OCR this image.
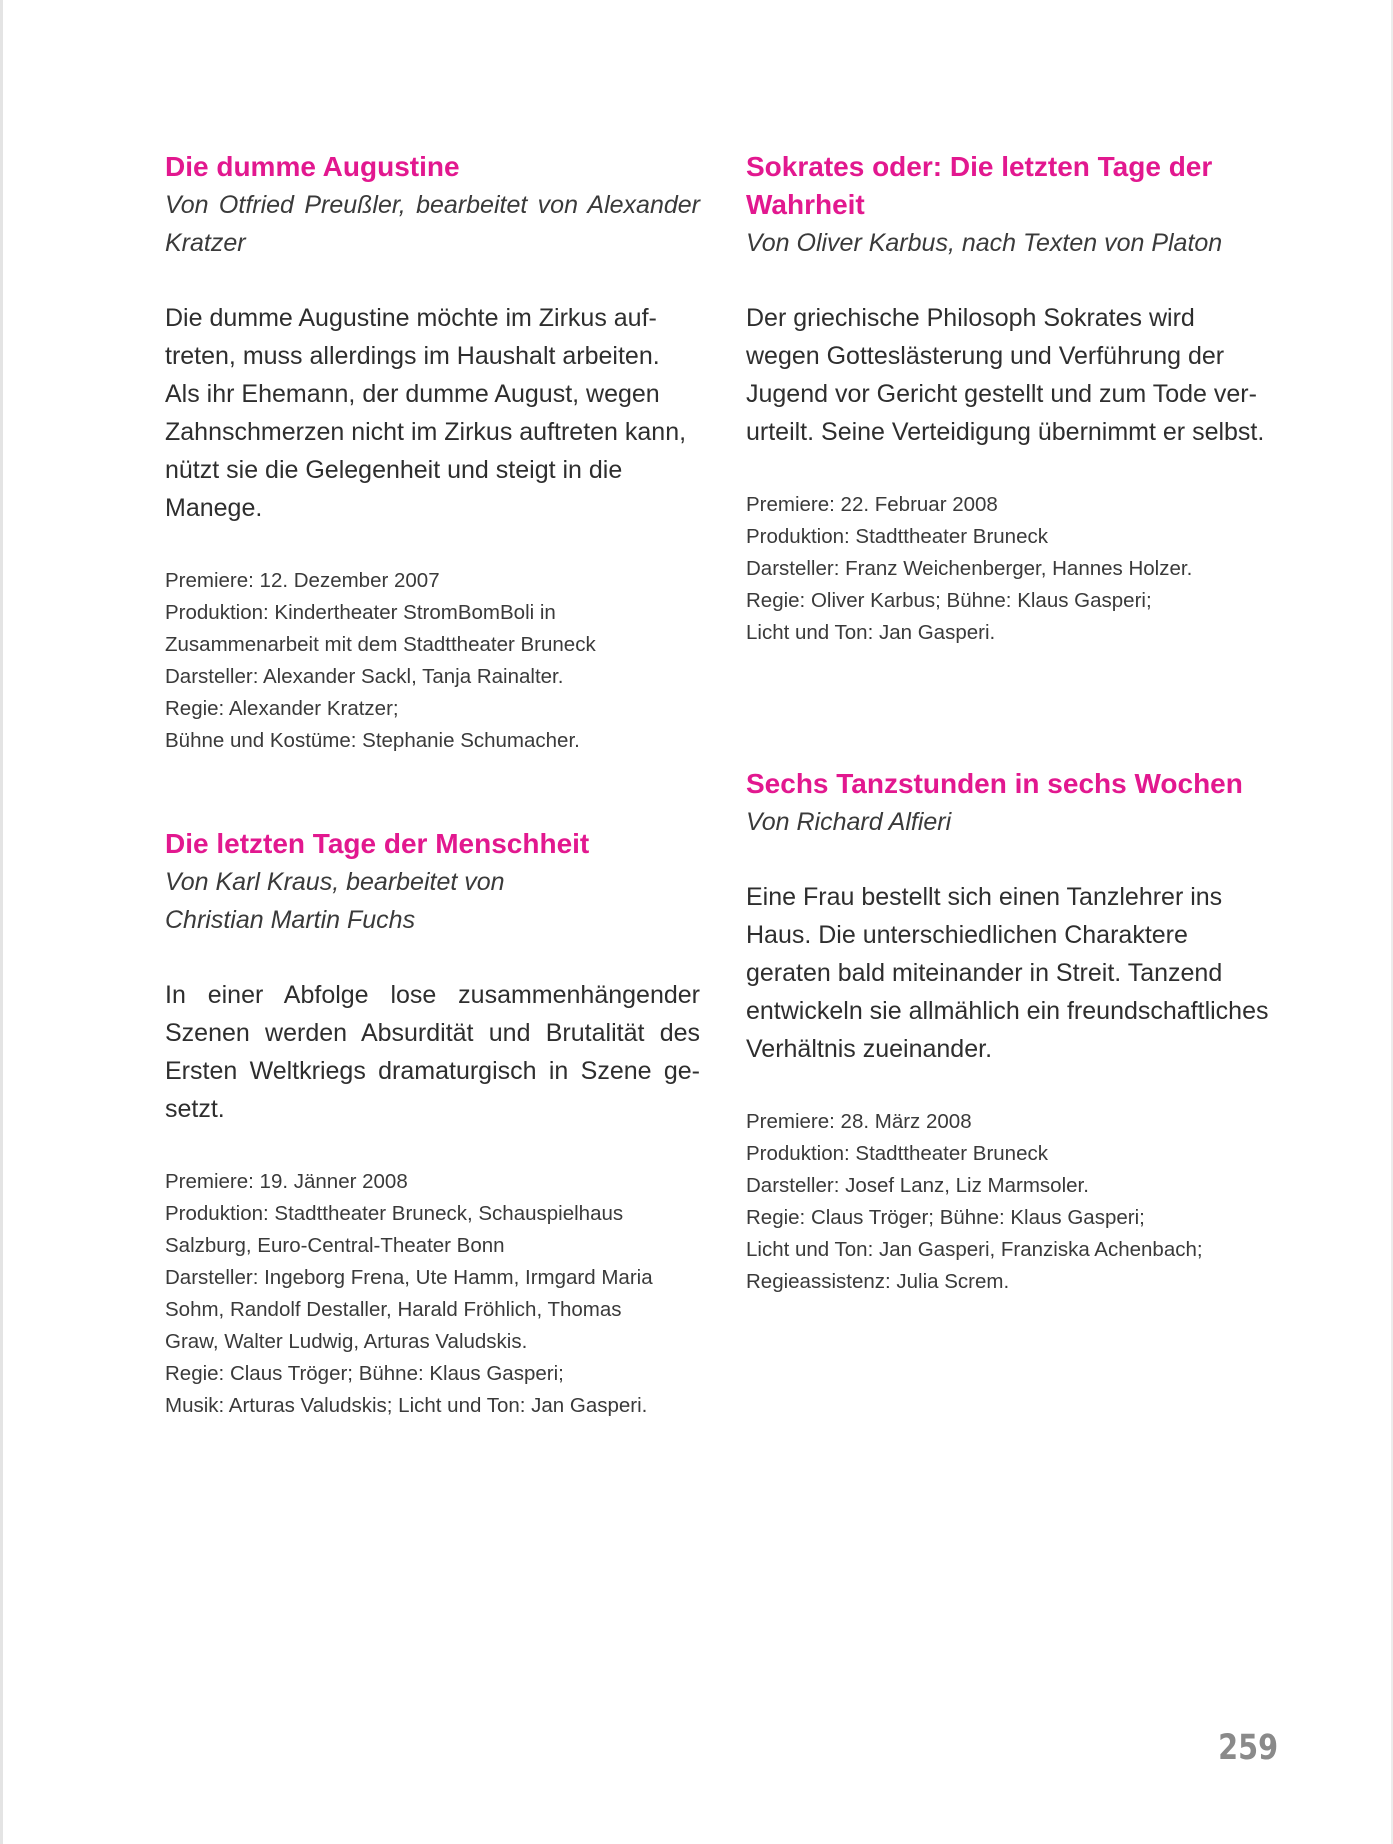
Die dumme Augustine

Von Otfried Preußler, bearbeitet von Alexander
Kratzer

Die dumme Augustine möchte im Zirkus auf-
treten, muss allerdings im Haushalt arbeiten.
Als ihr Ehemann, der dumme August, wegen
Zahnschmerzen nicht im Zirkus auftreten kann,
nützt sie die Gelegenheit und steigt in die
Manege.

Premiere: 12. Dezember 2007
Produktion: Kindertheater StromBomBoli in
Zusammenarbeit mit dem Stadttheater Bruneck
Darsteller: Alexander Sackl, Tanja Rainalter.
Regie: Alexander Kratzer;
Bühne und Kostüme: Stephanie Schumacher.
Die letzten Tage der Menschheit

Von Karl Kraus, bearbeitet von
Christian Martin Fuchs

In einer Abfolge lose zusammenhängender
Szenen werden Absurdität und Brutalität des
Ersten Weltkriegs dramaturgisch in Szene ge-
setzt.

Premiere: 19. Jänner 2008
Produktion: Stadttheater Bruneck, Schauspielhaus
Salzburg, Euro-Central-Theater Bonn
Darsteller: Ingeborg Frena, Ute Hamm, Irmgard Maria
Sohm, Randolf Destaller, Harald Fröhlich, Thomas
Graw, Walter Ludwig, Arturas Valudskis.
Regie: Claus Tröger; Bühne: Klaus Gasperi;
Musik: Arturas Valudskis; Licht und Ton: Jan Gasperi.
Sokrates oder: Die letzten Tage der
Wahrheit

Von Oliver Karbus, nach Texten von Platon

Der griechische Philosoph Sokrates wird
wegen Gotteslästerung und Verführung der
Jugend vor Gericht gestellt und zum Tode ver-
urteilt. Seine Verteidigung übernimmt er selbst.

Premiere: 22. Februar 2008
Produktion: Stadttheater Bruneck
Darsteller: Franz Weichenberger, Hannes Holzer.
Regie: Oliver Karbus; Bühne: Klaus Gasperi;
Licht und Ton: Jan Gasperi.
Sechs Tanzstunden in sechs Wochen

Von Richard Alfieri

Eine Frau bestellt sich einen Tanzlehrer ins
Haus. Die unterschiedlichen Charaktere
geraten bald miteinander in Streit. Tanzend
entwickeln sie allmählich ein freundschaftliches
Verhältnis zueinander.

Premiere: 28. März 2008
Produktion: Stadttheater Bruneck
Darsteller: Josef Lanz, Liz Marmsoler.
Regie: Claus Tröger; Bühne: Klaus Gasperi;
Licht und Ton: Jan Gasperi, Franziska Achenbach;
Regieassistenz: Julia Screm.
259
